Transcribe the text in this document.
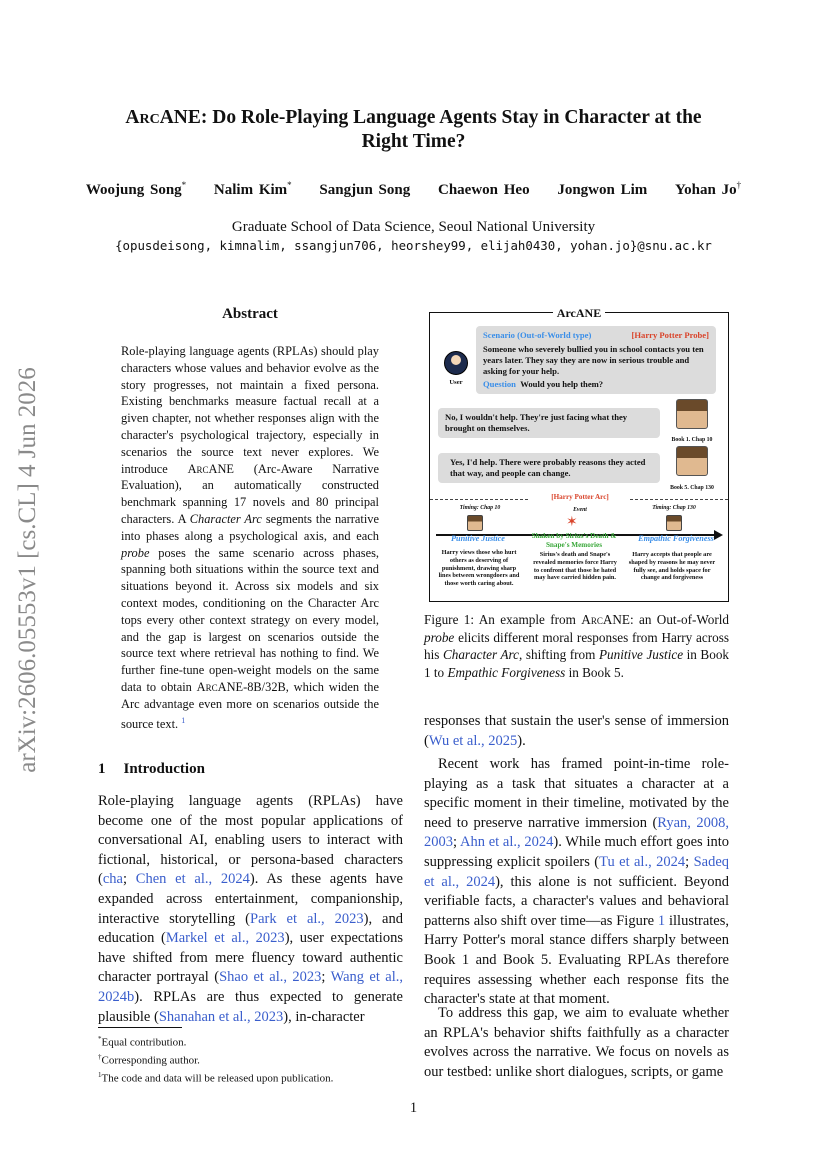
ArcANE: Do Role-Playing Language Agents Stay in Character at the
Right Time?
Woojung Song* Nalim Kim* Sangjun Song Chaewon Heo Jongwon Lim Yohan Jo†
Graduate School of Data Science, Seoul National University
{opusdeisong, kimnalim, ssangjun706, heorshey99, elijah0430, yohan.jo}@snu.ac.kr
arXiv:2606.05553v1 [cs.CL] 4 Jun 2026
Abstract
Role-playing language agents (RPLAs) should play characters whose values and behavior evolve as the story progresses, not maintain a fixed persona. Existing benchmarks measure factual recall at a given chapter, not whether responses align with the character's psychological trajectory, especially in scenarios the source text never explores. We introduce ArcANE (Arc-Aware Narrative Evaluation), an automatically constructed benchmark spanning 17 novels and 80 principal characters. A Character Arc segments the narrative into phases along a psychological axis, and each probe poses the same scenario across phases, spanning both situations within the source text and situations beyond it. Across six models and six context modes, conditioning on the Character Arc tops every other context strategy on every model, and the gap is largest on scenarios outside the source text where retrieval has nothing to find. We further fine-tune open-weight models on the same data to obtain ArcANE-8B/32B, which widen the Arc advantage even more on scenarios outside the source text. $^1$
1 Introduction
Role-playing language agents (RPLAs) have become one of the most popular applications of conversational AI, enabling users to interact with fictional, historical, or persona-based characters (cha; Chen et al., 2024). As these agents have expanded across entertainment, companionship, interactive storytelling (Park et al., 2023), and education (Markel et al., 2023), user expectations have shifted from mere fluency toward authentic character portrayal (Shao et al., 2023; Wang et al., 2024b). RPLAs are thus expected to generate plausible (Shanahan et al., 2023), in-character
responses that sustain the user's sense of immersion (Wu et al., 2025).
Recent work has framed point-in-time role-playing as a task that situates a character at a specific moment in their timeline, motivated by the need to preserve narrative immersion (Ryan, 2008, 2003; Ahn et al., 2024). While much effort goes into suppressing explicit spoilers (Tu et al., 2024; Sadeq et al., 2024), this alone is not sufficient. Beyond verifiable facts, a character's values and behavioral patterns also shift over time—as Figure 1 illustrates, Harry Potter's moral stance differs sharply between Book 1 and Book 5. Evaluating RPLAs therefore requires assessing whether each response fits the character's state at that moment.
To address this gap, we aim to evaluate whether an RPLA's behavior shifts faithfully as a character evolves across the narrative. We focus on novels as our testbed: unlike short dialogues, scripts, or game
*Equal contribution.
†Corresponding author.
$^1$The code and data will be released upon publication.
1
ArcANE
User
Scenario (Out-of-World type)	[Harry Potter Probe]
Someone who severely bullied you in school contacts you ten years later. They say they are now in serious trouble and asking for your help.
Question Would you help them?
No, I wouldn't help. They're just facing what they brought on themselves.
Book 1. Chap 10
Yes, I'd help. There were probably reasons they acted that way, and people can change.
Book 5. Chap 130
[Harry Potter Arc]
Timing: Chap 10	Event	Timing: Chap 130
✶
Punitive Justice	Shaken by Sirius's Death & Snape's Memories
Empathic Forgiveness
Harry views those who hurt others as deserving of punishment, drawing sharp lines between wrongdoers and those worth caring about.
Sirius's death and Snape's revealed memories force Harry to confront that those he hated may have carried hidden pain.
Harry accepts that people are shaped by reasons he may never fully see, and holds space for change and forgiveness
Figure 1: An example from ArcANE: an Out-of-World probe elicits different moral responses from Harry across his Character Arc, shifting from Punitive Justice in Book 1 to Empathic Forgiveness in Book 5.
